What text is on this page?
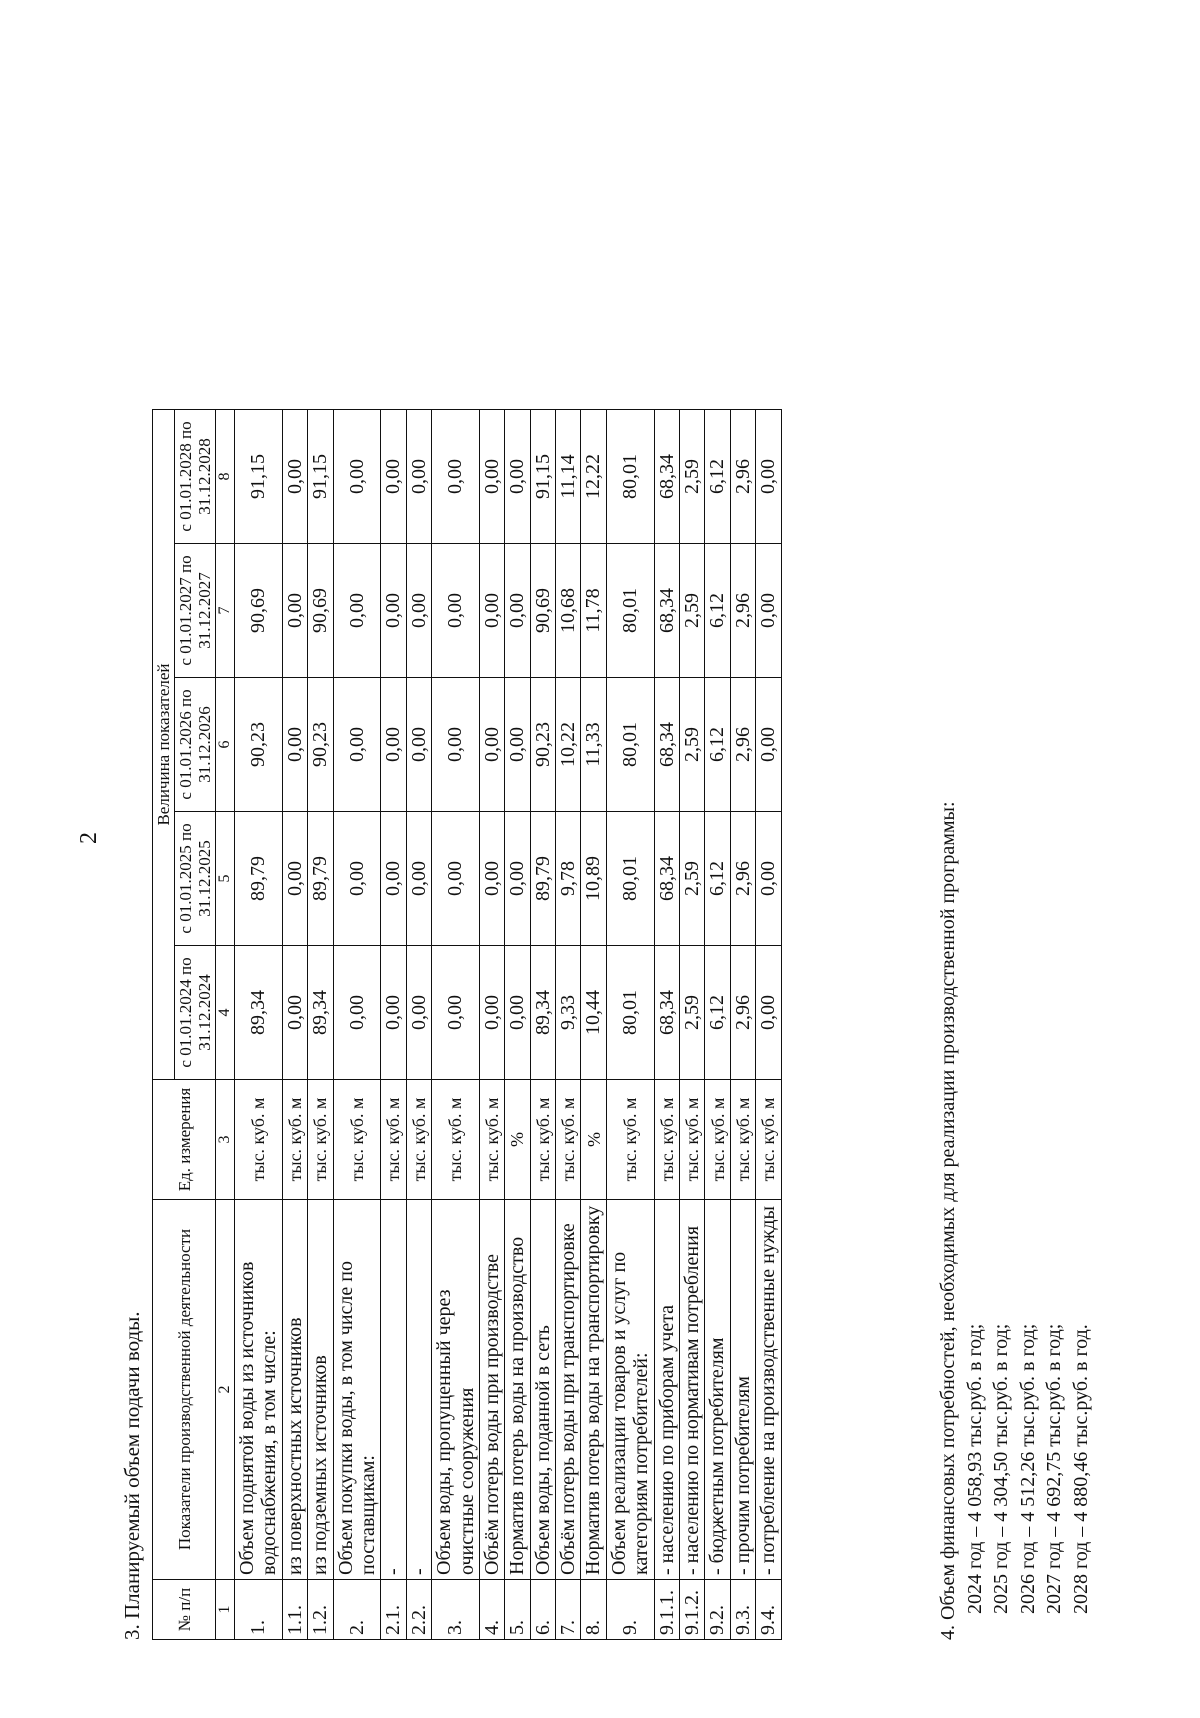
2
3. Планируемый объем подачи воды. № п/п	Показатели производственной деятельности	Ед. измерения	Величина показателей				
			с 01.01.2024 по 31.12.2024	с 01.01.2025 по 31.12.2025	с 01.01.2026 по 31.12.2026	с 01.01.2027 по 31.12.2027	с 01.01.2028 по 31.12.2028
1	2	3	4	5	6	7	8
1.	Объем поднятой воды из источников водоснабжения, в том числе:	тыс. куб. м	89,34	89,79	90,23	90,69	91,15
1.1.	из поверхностных источников	тыс. куб. м	0,00	0,00	0,00	0,00	0,00
1.2.	из подземных источников	тыс. куб. м	89,34	89,79	90,23	90,69	91,15
2.	Объем покупки воды, в том числе по поставщикам:	тыс. куб. м	0,00	0,00	0,00	0,00	0,00
2.1.	-	тыс. куб. м	0,00	0,00	0,00	0,00	0,00
2.2.	-	тыс. куб. м	0,00	0,00	0,00	0,00	0,00
3.	Объем воды, пропущенный через очистные сооружения	тыс. куб. м	0,00	0,00	0,00	0,00	0,00
4.	Объём потерь воды при производстве	тыс. куб. м	0,00	0,00	0,00	0,00	0,00
5.	Норматив потерь воды на производство	%	0,00	0,00	0,00	0,00	0,00
6.	Объем воды, поданной в сеть	тыс. куб. м	89,34	89,79	90,23	90,69	91,15
7.	Объём потерь воды при транспортировке	тыс. куб. м	9,33	9,78	10,22	10,68	11,14
8.	Норматив потерь воды на транспортировку	%	10,44	10,89	11,33	11,78	12,22
9.	Объем реализации товаров и услуг по категориям потребителей:	тыс. куб. м	80,01	80,01	80,01	80,01	80,01
9.1.1.	- населению по приборам учета	тыс. куб. м	68,34	68,34	68,34	68,34	68,34
9.1.2.	- населению по нормативам потребления	тыс. куб. м	2,59	2,59	2,59	2,59	2,59
9.2.	- бюджетным потребителям	тыс. куб. м	6,12	6,12	6,12	6,12	6,12
9.3.	- прочим потребителям	тыс. куб. м	2,96	2,96	2,96	2,96	2,96
9.4.	- потребление на производственные нужды	тыс. куб. м	0,00	0,00	0,00	0,00	0,00
4. Объем финансовых потребностей, необходимых для реализации производственной программы: 2024 год – 4 058,93 тыс.руб. в год; 2025 год – 4 304,50 тыс.руб. в год; 2026 год – 4 512,26 тыс.руб. в год; 2027 год – 4 692,75 тыс.руб. в год; 2028 год – 4 880,46 тыс.руб. в год.
